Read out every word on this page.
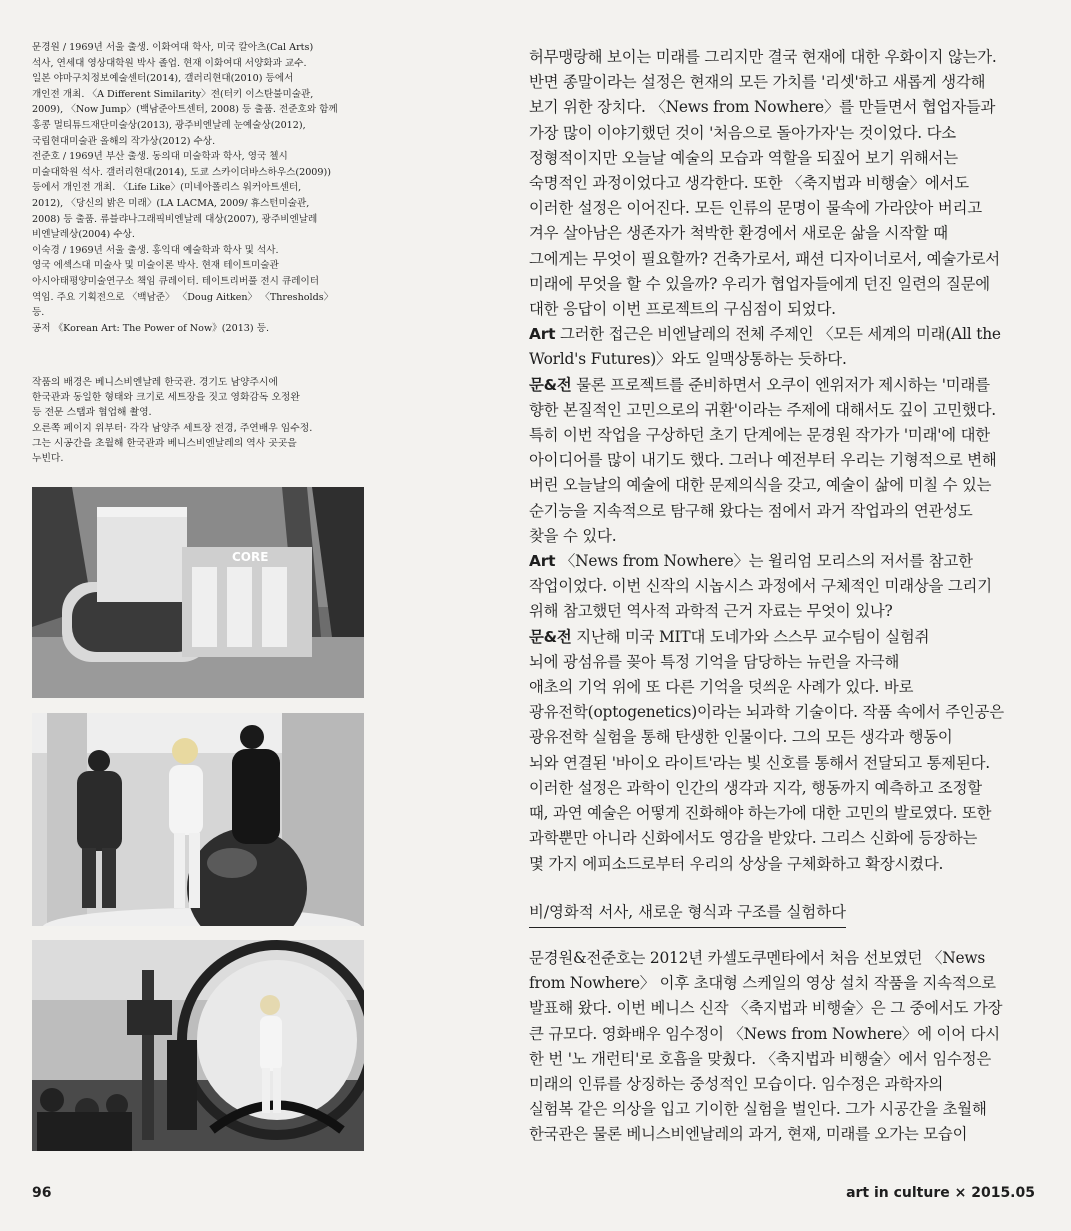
문경원 / 1969년 서울 출생. 이화여대 학사, 미국 칼아츠(Cal Arts)
석사, 연세대 영상대학원 박사 졸업. 현재 이화여대 서양화과 교수.
일본 야마구치정보예술센터(2014), 갤러리현대(2010) 등에서
개인전 개최. 〈A Different Similarity〉전(터키 이스탄불미술관,
2009), 〈Now Jump〉(백남준아트센터, 2008) 등 출품. 전준호와 함께
홍콩 멀티튜드재단미술상(2013), 광주비엔날레 눈예술상(2012),
국립현대미술관 올해의 작가상(2012) 수상.

전준호 / 1969년 부산 출생. 동의대 미술학과 학사, 영국 첼시
미술대학원 석사. 갤러리현대(2014), 도쿄 스카이더바스하우스(2009))
등에서 개인전 개최. 〈Life Like〉(미네아폴리스 워커아트센터,
2012), 〈당신의 밝은 미래〉(LA LACMA, 2009/ 휴스턴미술관,
2008) 등 출품. 류블랴나그래픽비엔날레 대상(2007), 광주비엔날레
비엔날레상(2004) 수상.

이숙경 / 1969년 서울 출생. 홍익대 예술학과 학사 및 석사.
영국 에섹스대 미술사 및 미술이론 박사. 현재 테이트미술관
아시아태평양미술연구소 책임 큐레이터. 테이트리버풀 전시 큐레이터
역임. 주요 기획전으로 〈백남준〉 〈Doug Aitken〉 〈Thresholds〉 등.
공저 《Korean Art: The Power of Now》(2013) 등.

작품의 배경은 베니스비엔날레 한국관. 경기도 남양주시에
한국관과 동일한 형태와 크기로 세트장을 짓고 영화감독 오정완
등 전문 스탭과 협업해 촬영.

오른쪽 페이지 위부터· 각각 남양주 세트장 전경, 주연배우 임수정.
그는 시공간을 초월해 한국관과 베니스비엔날레의 역사 곳곳을
누빈다.

CORE

허무맹랑해 보이는 미래를 그리지만 결국 현재에 대한 우화이지 않는가.
반면 종말이라는 설정은 현재의 모든 가치를 '리셋'하고 새롭게 생각해
보기 위한 장치다. 〈News from Nowhere〉를 만들면서 협업자들과
가장 많이 이야기했던 것이 '처음으로 돌아가자'는 것이었다. 다소
정형적이지만 오늘날 예술의 모습과 역할을 되짚어 보기 위해서는
숙명적인 과정이었다고 생각한다. 또한 〈축지법과 비행술〉에서도
이러한 설정은 이어진다. 모든 인류의 문명이 물속에 가라앉아 버리고
겨우 살아남은 생존자가 척박한 환경에서 새로운 삶을 시작할 때
그에게는 무엇이 필요할까? 건축가로서, 패션 디자이너로서, 예술가로서
미래에 무엇을 할 수 있을까? 우리가 협업자들에게 던진 일련의 질문에
대한 응답이 이번 프로젝트의 구심점이 되었다.

Art 그러한 접근은 비엔날레의 전체 주제인 〈모든 세계의 미래(All the
World's Futures)〉와도 일맥상통하는 듯하다.

문&전 물론 프로젝트를 준비하면서 오쿠이 엔위저가 제시하는 '미래를
향한 본질적인 고민으로의 귀환'이라는 주제에 대해서도 깊이 고민했다.
특히 이번 작업을 구상하던 초기 단계에는 문경원 작가가 '미래'에 대한
아이디어를 많이 내기도 했다. 그러나 예전부터 우리는 기형적으로 변해
버린 오늘날의 예술에 대한 문제의식을 갖고, 예술이 삶에 미칠 수 있는
순기능을 지속적으로 탐구해 왔다는 점에서 과거 작업과의 연관성도
찾을 수 있다.

Art 〈News from Nowhere〉는 윌리엄 모리스의 저서를 참고한
작업이었다. 이번 신작의 시놉시스 과정에서 구체적인 미래상을 그리기
위해 참고했던 역사적 과학적 근거 자료는 무엇이 있나?

문&전 지난해 미국 MIT대 도네가와 스스무 교수팀이 실험쥐
뇌에 광섬유를 꽂아 특정 기억을 담당하는 뉴런을 자극해
애초의 기억 위에 또 다른 기억을 덧씌운 사례가 있다. 바로
광유전학(optogenetics)이라는 뇌과학 기술이다. 작품 속에서 주인공은
광유전학 실험을 통해 탄생한 인물이다. 그의 모든 생각과 행동이
뇌와 연결된 '바이오 라이트'라는 빛 신호를 통해서 전달되고 통제된다.
이러한 설정은 과학이 인간의 생각과 지각, 행동까지 예측하고 조정할
때, 과연 예술은 어떻게 진화해야 하는가에 대한 고민의 발로였다. 또한
과학뿐만 아니라 신화에서도 영감을 받았다. 그리스 신화에 등장하는
몇 가지 에피소드로부터 우리의 상상을 구체화하고 확장시켰다.

비/영화적 서사, 새로운 형식과 구조를 실험하다

문경원&전준호는 2012년 카셀도쿠멘타에서 처음 선보였던 〈News
from Nowhere〉 이후 초대형 스케일의 영상 설치 작품을 지속적으로
발표해 왔다. 이번 베니스 신작 〈축지법과 비행술〉은 그 중에서도 가장
큰 규모다. 영화배우 임수정이 〈News from Nowhere〉에 이어 다시
한 번 '노 개런티'로 호흡을 맞췄다. 〈축지법과 비행술〉에서 임수정은
미래의 인류를 상징하는 중성적인 모습이다. 임수정은 과학자의
실험복 같은 의상을 입고 기이한 실험을 벌인다. 그가 시공간을 초월해
한국관은 물론 베니스비엔날레의 과거, 현재, 미래를 오가는 모습이

96	art in culture × 2015.05
